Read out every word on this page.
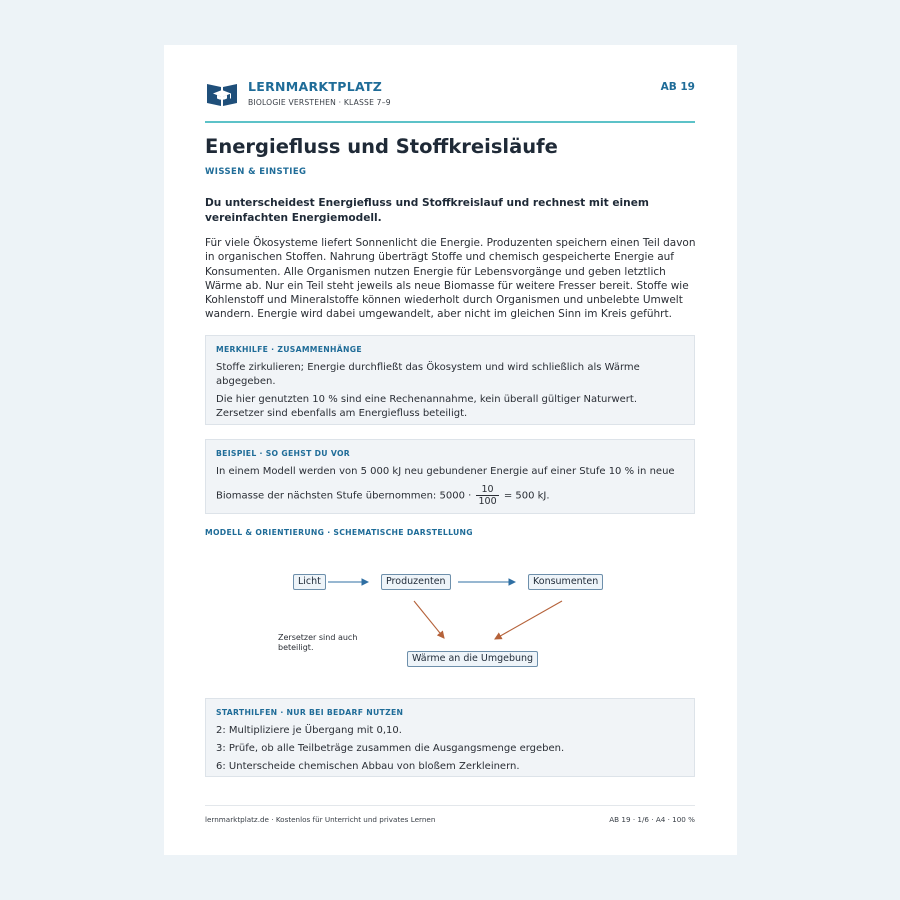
LERNMARKTPLATZ
BIOLOGIE VERSTEHEN · KLASSE 7–9
AB 19
Energiefluss und Stoffkreisläufe
WISSEN & EINSTIEG

Du unterscheidest Energiefluss und Stoffkreislauf und rechnest mit einem vereinfachten Energiemodell.

Für viele Ökosysteme liefert Sonnenlicht die Energie. Produzenten speichern einen Teil davon in organischen Stoffen. Nahrung überträgt Stoffe und chemisch gespeicherte Energie auf Konsumenten. Alle Organismen nutzen Energie für Lebensvorgänge und geben letztlich Wärme ab. Nur ein Teil steht jeweils als neue Biomasse für weitere Fresser bereit. Stoffe wie Kohlenstoff und Mineralstoffe können wiederholt durch Organismen und unbelebte Umwelt wandern. Energie wird dabei umgewandelt, aber nicht im gleichen Sinn im Kreis geführt.

MERKHILFE · ZUSAMMENHÄNGE

Stoffe zirkulieren; Energie durchfließt das Ökosystem und wird schließlich als Wärme abgegeben.

Die hier genutzten 10 % sind eine Rechenannahme, kein überall gültiger Naturwert. Zersetzer sind ebenfalls am Energiefluss beteiligt.

BEISPIEL · SO GEHST DU VOR

In einem Modell werden von 5 000 kJ neu gebundener Energie auf einer Stufe 10 % in neue

Biomasse der nächsten Stufe übernommen: $5000 \cdot \frac{10}{100} = 500$ kJ.

MODELL & ORIENTIERUNG · SCHEMATISCHE DARSTELLUNG
Licht	Produzenten	Konsumenten
Wärme an die Umgebung
Zersetzer sind auch beteiligt.
STARTHILFEN · NUR BEI BEDARF NUTZEN

2: Multipliziere je Übergang mit 0,10.

3: Prüfe, ob alle Teilbeträge zusammen die Ausgangsmenge ergeben.

6: Unterscheide chemischen Abbau von bloßem Zerkleinern.

lernmarktplatz.de · Kostenlos für Unterricht und privates Lernen	AB 19 · 1/6 · A4 · 100 %
